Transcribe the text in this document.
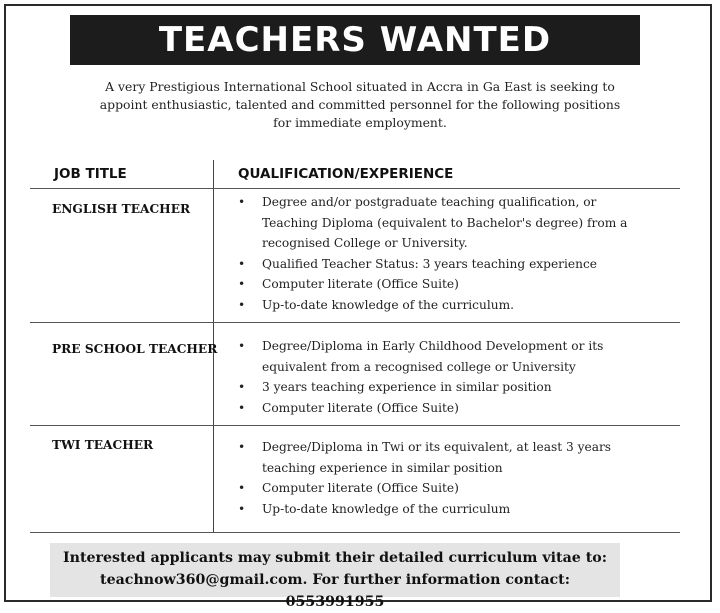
TEACHERS WANTED
A very Prestigious International School situated in Accra in Ga East is seeking to
appoint enthusiastic, talented and committed personnel for the following positions
for immediate employment.
JOB TITLE	QUALIFICATION/EXPERIENCE
ENGLISH TEACHER	• Degree and/or postgraduate teaching qualification, or
Teaching Diploma (equivalent to Bachelor's degree) from a
recognised College or University.
• Qualified Teacher Status: 3 years teaching experience
• Computer literate (Office Suite)
• Up-to-date knowledge of the curriculum.
PRE SCHOOL TEACHER • Degree/Diploma in Early Childhood Development or its
equivalent from a recognised college or University
• 3 years teaching experience in similar position
• Computer literate (Office Suite)
TWI TEACHER	• Degree/Diploma in Twi or its equivalent, at least 3 years
teaching experience in similar position
• Computer literate (Office Suite)
• Up-to-date knowledge of the curriculum
Interested applicants may submit their detailed curriculum vitae to:
teachnow360@gmail.com. For further information contact: 0553991955
